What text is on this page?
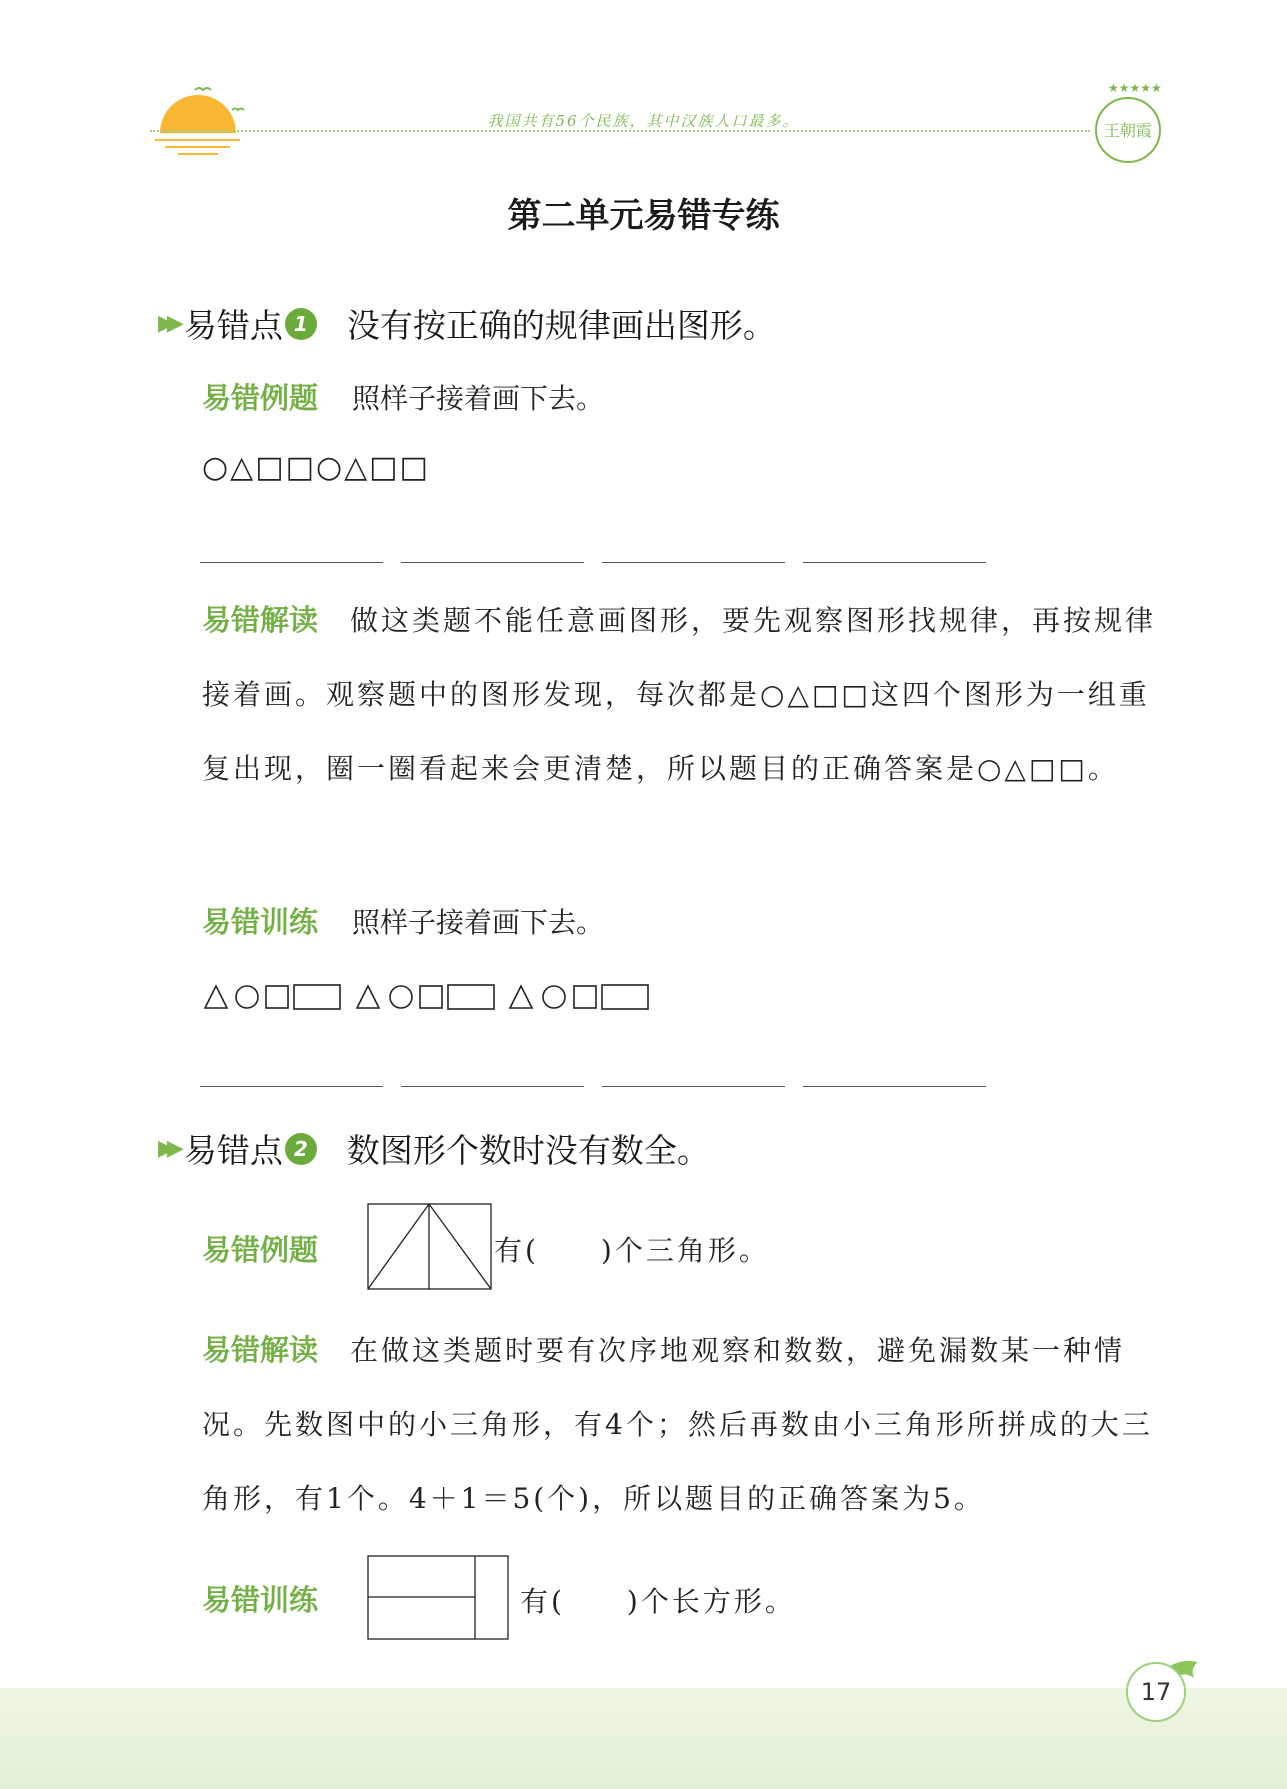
我国共有56个民族，其中汉族人口最多。
★★★★★
王朝霞
第二单元易错专练
▶▶ 易错点 1 没有按正确的规律画出图形。
易错例题 照样子接着画下去。
○△□□○△□□
易错解读 做这类题不能任意画图形，要先观察图形找规律，再按规律接着画。观察题中的图形发现，每次都是○△□□这四个图形为一组重复出现，圈一圈看起来会更清楚，所以题目的正确答案是○△□□。
易错训练 照样子接着画下去。
▶▶ 易错点 2 数图形个数时没有数全。
易错例题	有(　　)个三角形。
易错解读 在做这类题时要有次序地观察和数数，避免漏数某一种情况。先数图中的小三角形，有4个；然后再数由小三角形所拼成的大三角形，有1个。4＋1＝5(个)，所以题目的正确答案为5。
易错训练	有(　　)个长方形。
17
